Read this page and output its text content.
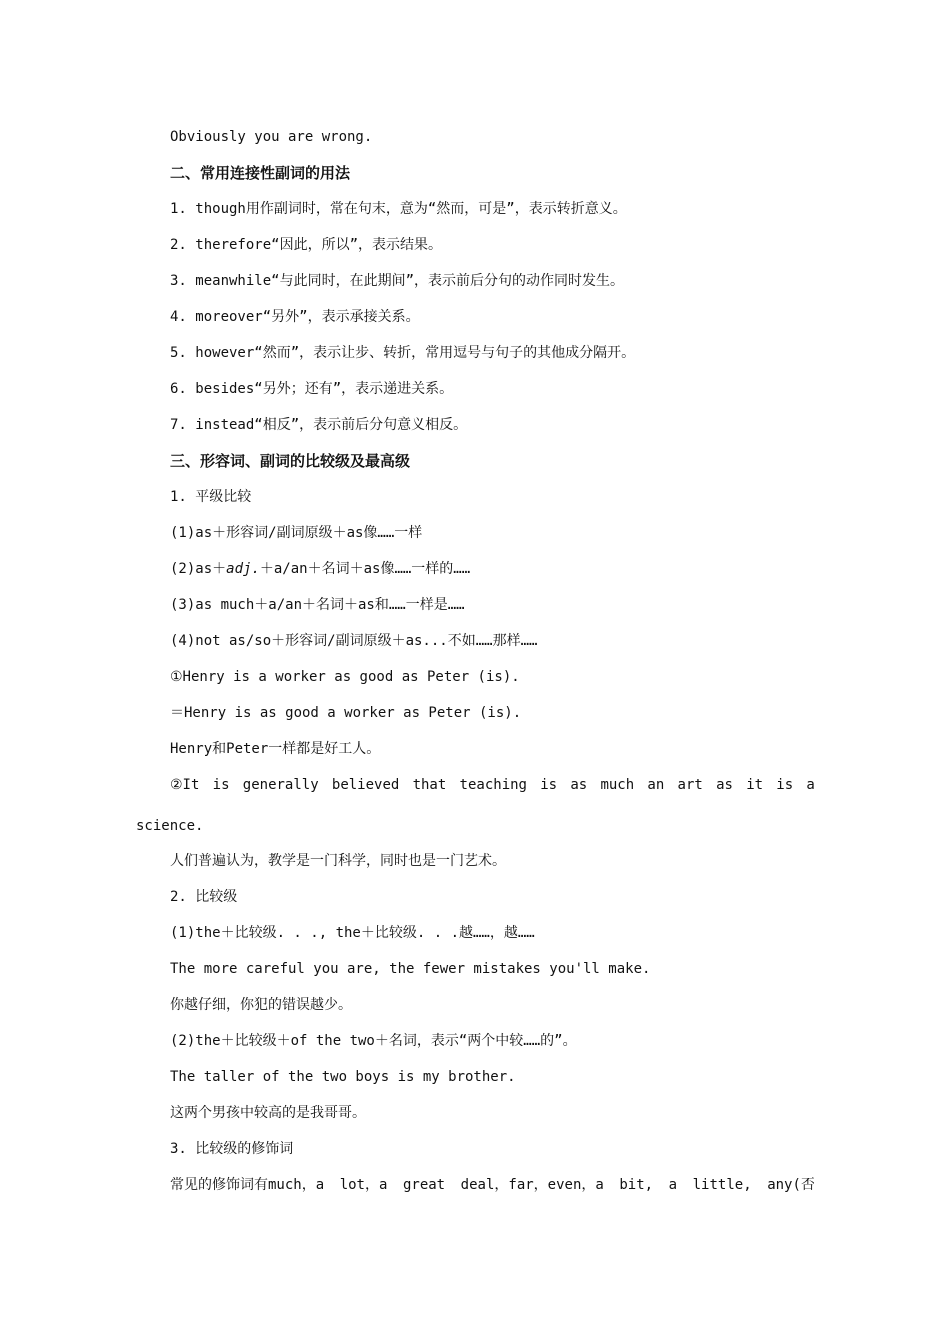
Obviously you are wrong.
二、常用连接性副词的用法
1. though用作副词时，常在句末，意为“然而，可是”，表示转折意义。
2. therefore“因此，所以”，表示结果。
3. meanwhile“与此同时，在此期间”，表示前后分句的动作同时发生。
4. moreover“另外”，表示承接关系。
5. however“然而”，表示让步、转折，常用逗号与句子的其他成分隔开。
6. besides“另外；还有”，表示递进关系。
7. instead“相反”，表示前后分句意义相反。
三、形容词、副词的比较级及最高级
1. 平级比较
(1)as＋形容词/副词原级＋as像……一样
(2)as＋adj.＋a/an＋名词＋as像……一样的……
(3)as much＋a/an＋名词＋as和……一样是……
(4)not as/so＋形容词/副词原级＋as...不如……那样……
①Henry is a worker as good as Peter (is).
＝Henry is as good a worker as Peter (is).
Henry和Peter一样都是好工人。
②It is generally believed that teaching is as much an art as it is a
science.
人们普遍认为，教学是一门科学，同时也是一门艺术。
2. 比较级
(1)the＋比较级. . ., the＋比较级. . .越……，越……
The more careful you are, the fewer mistakes you'll make.
你越仔细，你犯的错误越少。
(2)the＋比较级＋of the two＋名词，表示“两个中较……的”。
The taller of the two boys is my brother.
这两个男孩中较高的是我哥哥。
3. 比较级的修饰词
常见的修饰词有much，a lot，a great deal，far，even，a bit, a little, any(否
